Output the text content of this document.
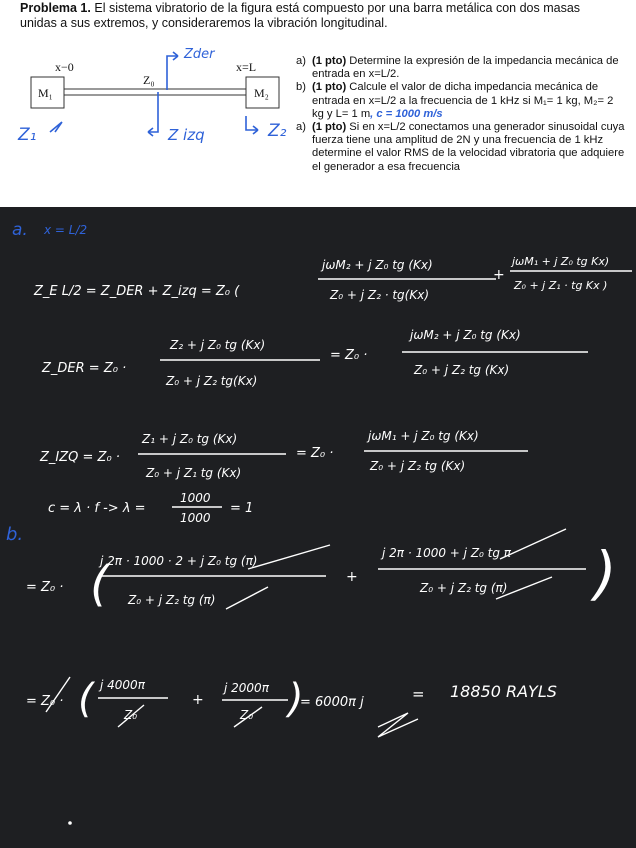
Problema 1. El sistema vibratorio de la figura está compuesto por una barra metálica con dos masas unidas a sus extremos, y consideraremos la vibración longitudinal.
x−0	x=L
Z₀
M₁	M₂
Zder
Z₁	Z izq	Z₂
a) (1 pto) Determine la expresión de la impedancia mecánica de entrada en x=L/2.
b) (1 pto) Calcule el valor de dicha impedancia mecánica de entrada en x=L/2 a la frecuencia de 1 kHz si M₁= 1 kg, M₂= 2 kg y L= 1 m, c = 1000 m/s
a) (1 pto) Si en x=L/2 conectamos una generador sinusoidal cuya fuerza tiene una amplitud de 2N y una frecuencia de 1 kHz determine el valor RMS de la velocidad vibratoria que adquiere el generador a esa frecuencia
a. x = L/2
Z_E L/2 = Z_DER + Z_izq = Z₀ (
jωM₂ + j Z₀ tg (Kx)
Z₀ + j Z₂ · tg(Kx)
+
jωM₁ + j Z₀ tg Kx)
Z₀ + j Z₁ · tg Kx )
Z_DER = Z₀ ·
Z₂ + j Z₀ tg (Kx)
Z₀ + j Z₂ tg(Kx)
= Z₀ ·
jωM₂ + j Z₀ tg (Kx)
Z₀ + j Z₂ tg (Kx)
Z_IZQ = Z₀ ·
Z₁ + j Z₀ tg (Kx)
Z₀ + j Z₁ tg (Kx)
= Z₀ ·
jωM₁ + j Z₀ tg (Kx)
Z₀ + j Z₂ tg (Kx)
c = λ · f -> λ =
1000
1000
= 1
b.
= Z₀ · (
j 2π · 1000 · 2 + j Z₀ tg (π)
Z₀ + j Z₂ tg (π)
+
j 2π · 1000 + j Z₀ tg π
Z₀ + j Z₂ tg (π) )
= Z₀ · ( j 4000π
Z₀
+
j 2000π
Z₀ )
= 6000π j	= 18850 RAYLS
